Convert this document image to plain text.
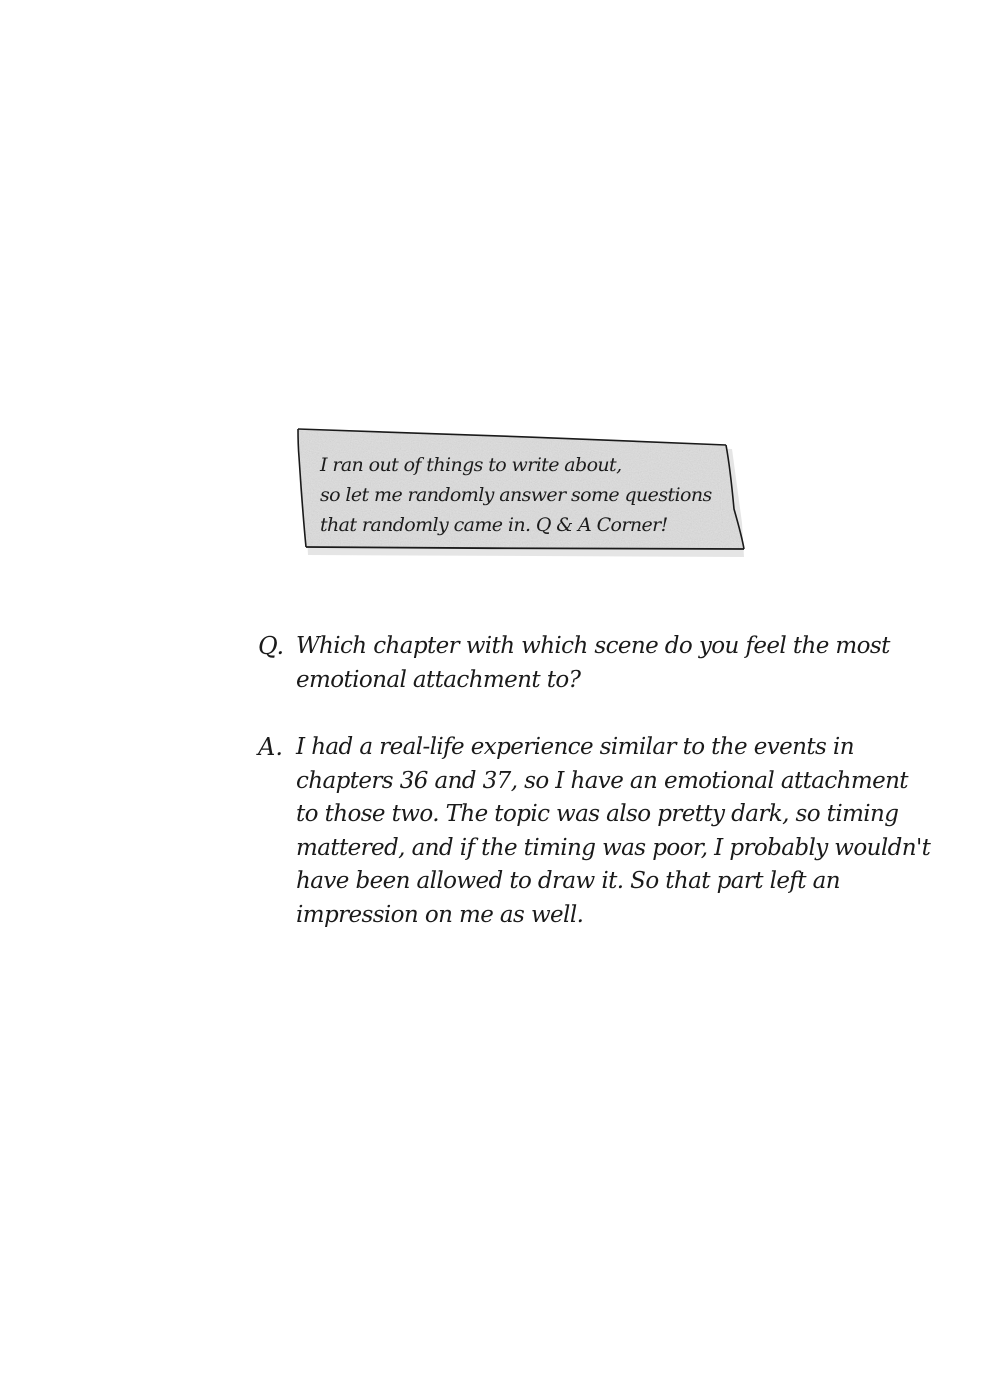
I ran out of things to write about,
so let me randomly answer some questions
that randomly came in. Q & A Corner!
Q. Which chapter with which scene do you feel the most
emotional attachment to?
A. I had a real-life experience similar to the events in
chapters 36 and 37, so I have an emotional attachment
to those two. The topic was also pretty dark, so timing
mattered, and if the timing was poor, I probably wouldn't
have been allowed to draw it. So that part left an
impression on me as well.
